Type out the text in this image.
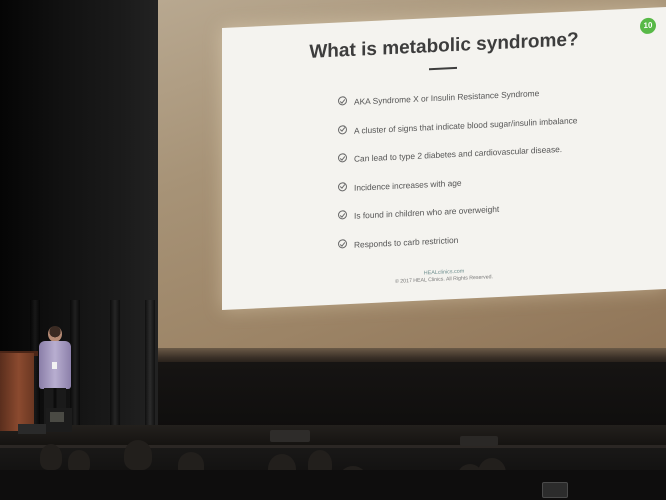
10
What is metabolic syndrome?
AKA Syndrome X or Insulin Resistance Syndrome
A cluster of signs that indicate blood sugar/insulin imbalance
Can lead to type 2 diabetes and cardiovascular disease.
Incidence increases with age
Is found in children who are overweight
Responds to carb restriction
HEALclinics.com
© 2017 HEAL Clinics. All Rights Reserved.
